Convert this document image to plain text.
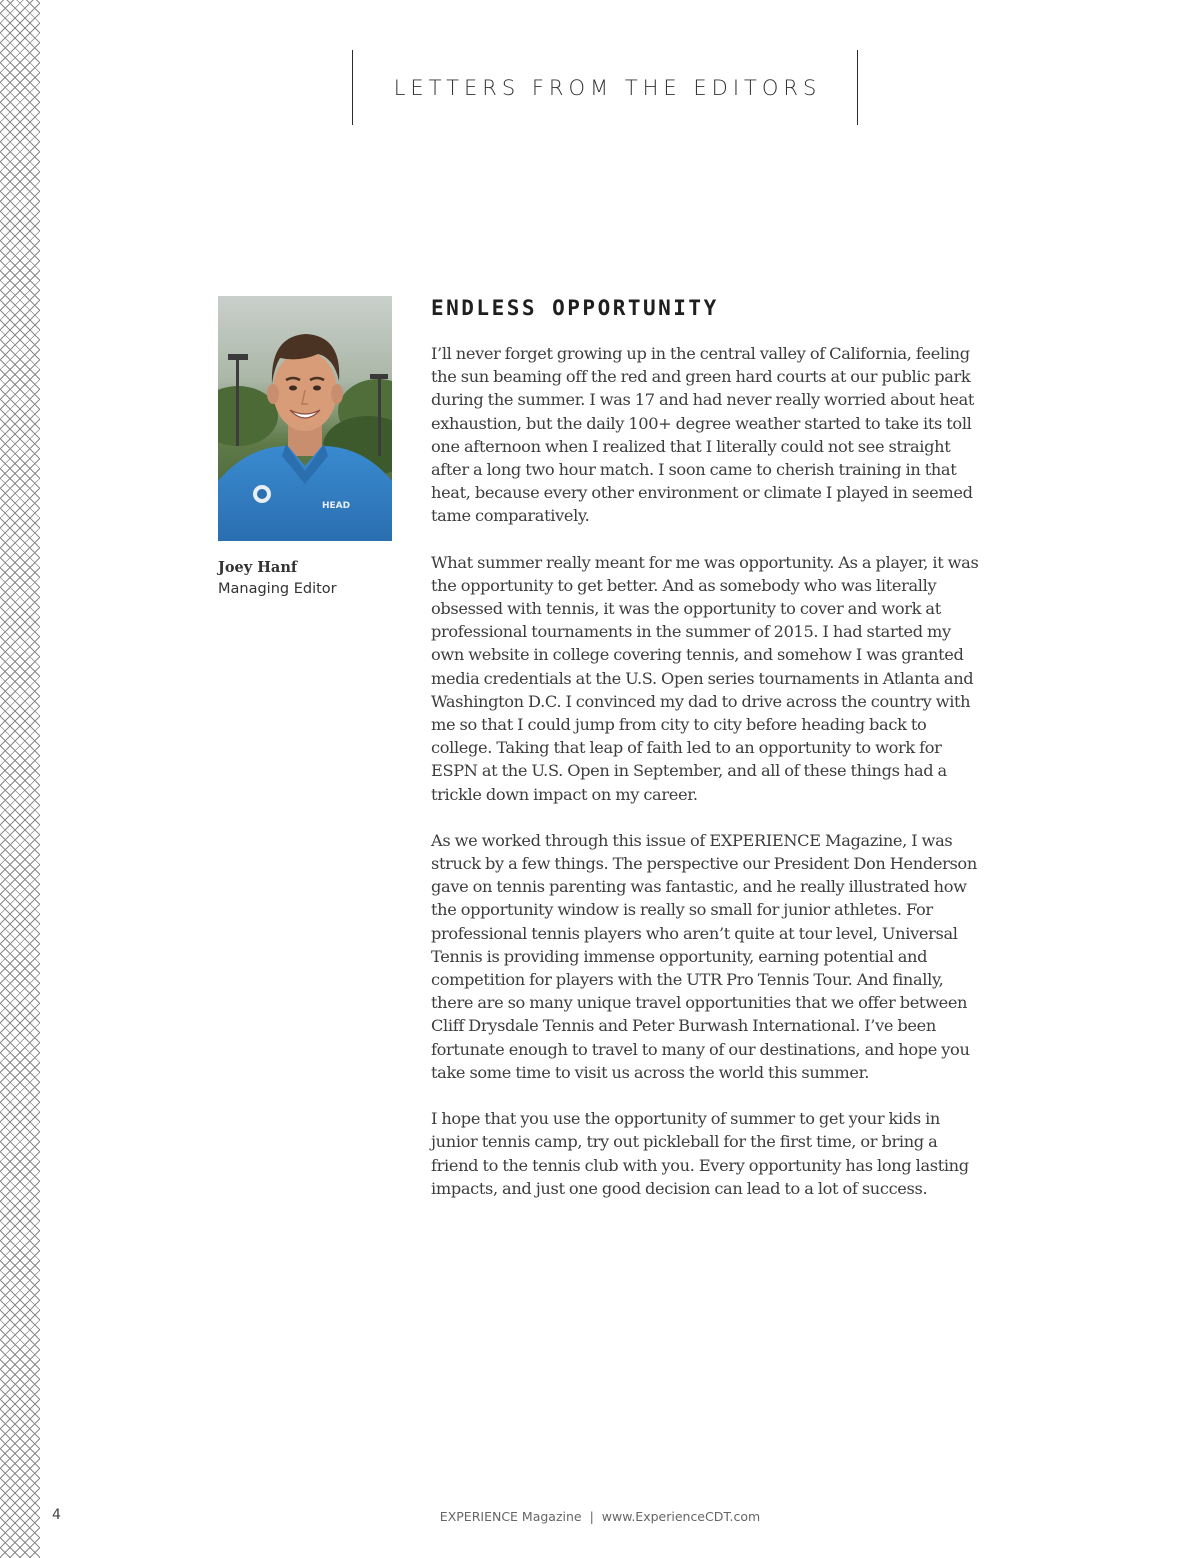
LETTERS FROM THE EDITORS
HEAD
Joey Hanf
Managing Editor
ENDLESS OPPORTUNITY

I’ll never forget growing up in the central valley of California, feeling the sun beaming off the red and green hard courts at our public park during the summer. I was 17 and had never really worried about heat exhaustion, but the daily 100+ degree weather started to take its toll one afternoon when I realized that I literally could not see straight after a long two hour match. I soon came to cherish training in that heat, because every other environment or climate I played in seemed tame comparatively.

What summer really meant for me was opportunity. As a player, it was the opportunity to get better. And as somebody who was literally obsessed with tennis, it was the opportunity to cover and work at professional tournaments in the summer of 2015. I had started my own website in college covering tennis, and somehow I was granted media credentials at the U.S. Open series tournaments in Atlanta and Washington D.C. I convinced my dad to drive across the country with me so that I could jump from city to city before heading back to college. Taking that leap of faith led to an opportunity to work for ESPN at the U.S. Open in September, and all of these things had a trickle down impact on my career.

As we worked through this issue of EXPERIENCE Magazine, I was struck by a few things. The perspective our President Don Henderson gave on tennis parenting was fantastic, and he really illustrated how the opportunity window is really so small for junior athletes. For professional tennis players who aren’t quite at tour level, Universal Tennis is providing immense opportunity, earning potential and competition for players with the UTR Pro Tennis Tour. And finally, there are so many unique travel opportunities that we offer between Cliff Drysdale Tennis and Peter Burwash International. I’ve been fortunate enough to travel to many of our destinations, and hope you take some time to visit us across the world this summer.

I hope that you use the opportunity of summer to get your kids in junior tennis camp, try out pickleball for the first time, or bring a friend to the tennis club with you. Every opportunity has long lasting impacts, and just one good decision can lead to a lot of success.

4	EXPERIENCE Magazine | www.ExperienceCDT.com
